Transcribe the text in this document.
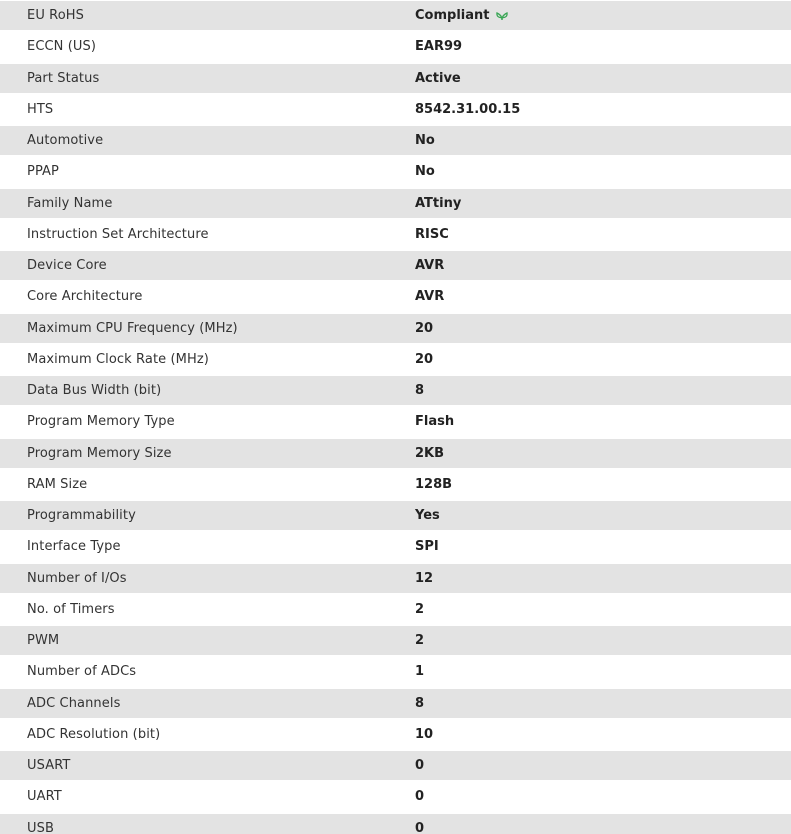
EU RoHS	Compliant
ECCN (US)	EAR99
Part Status	Active
HTS	8542.31.00.15
Automotive	No
PPAP	No
Family Name	ATtiny
Instruction Set Architecture	RISC
Device Core	AVR
Core Architecture	AVR
Maximum CPU Frequency (MHz)	20
Maximum Clock Rate (MHz)	20
Data Bus Width (bit)	8
Program Memory Type	Flash
Program Memory Size	2KB
RAM Size	128B
Programmability	Yes
Interface Type	SPI
Number of I/Os	12
No. of Timers	2
PWM	2
Number of ADCs	1
ADC Channels	8
ADC Resolution (bit)	10
USART	0
UART	0
USB	0
